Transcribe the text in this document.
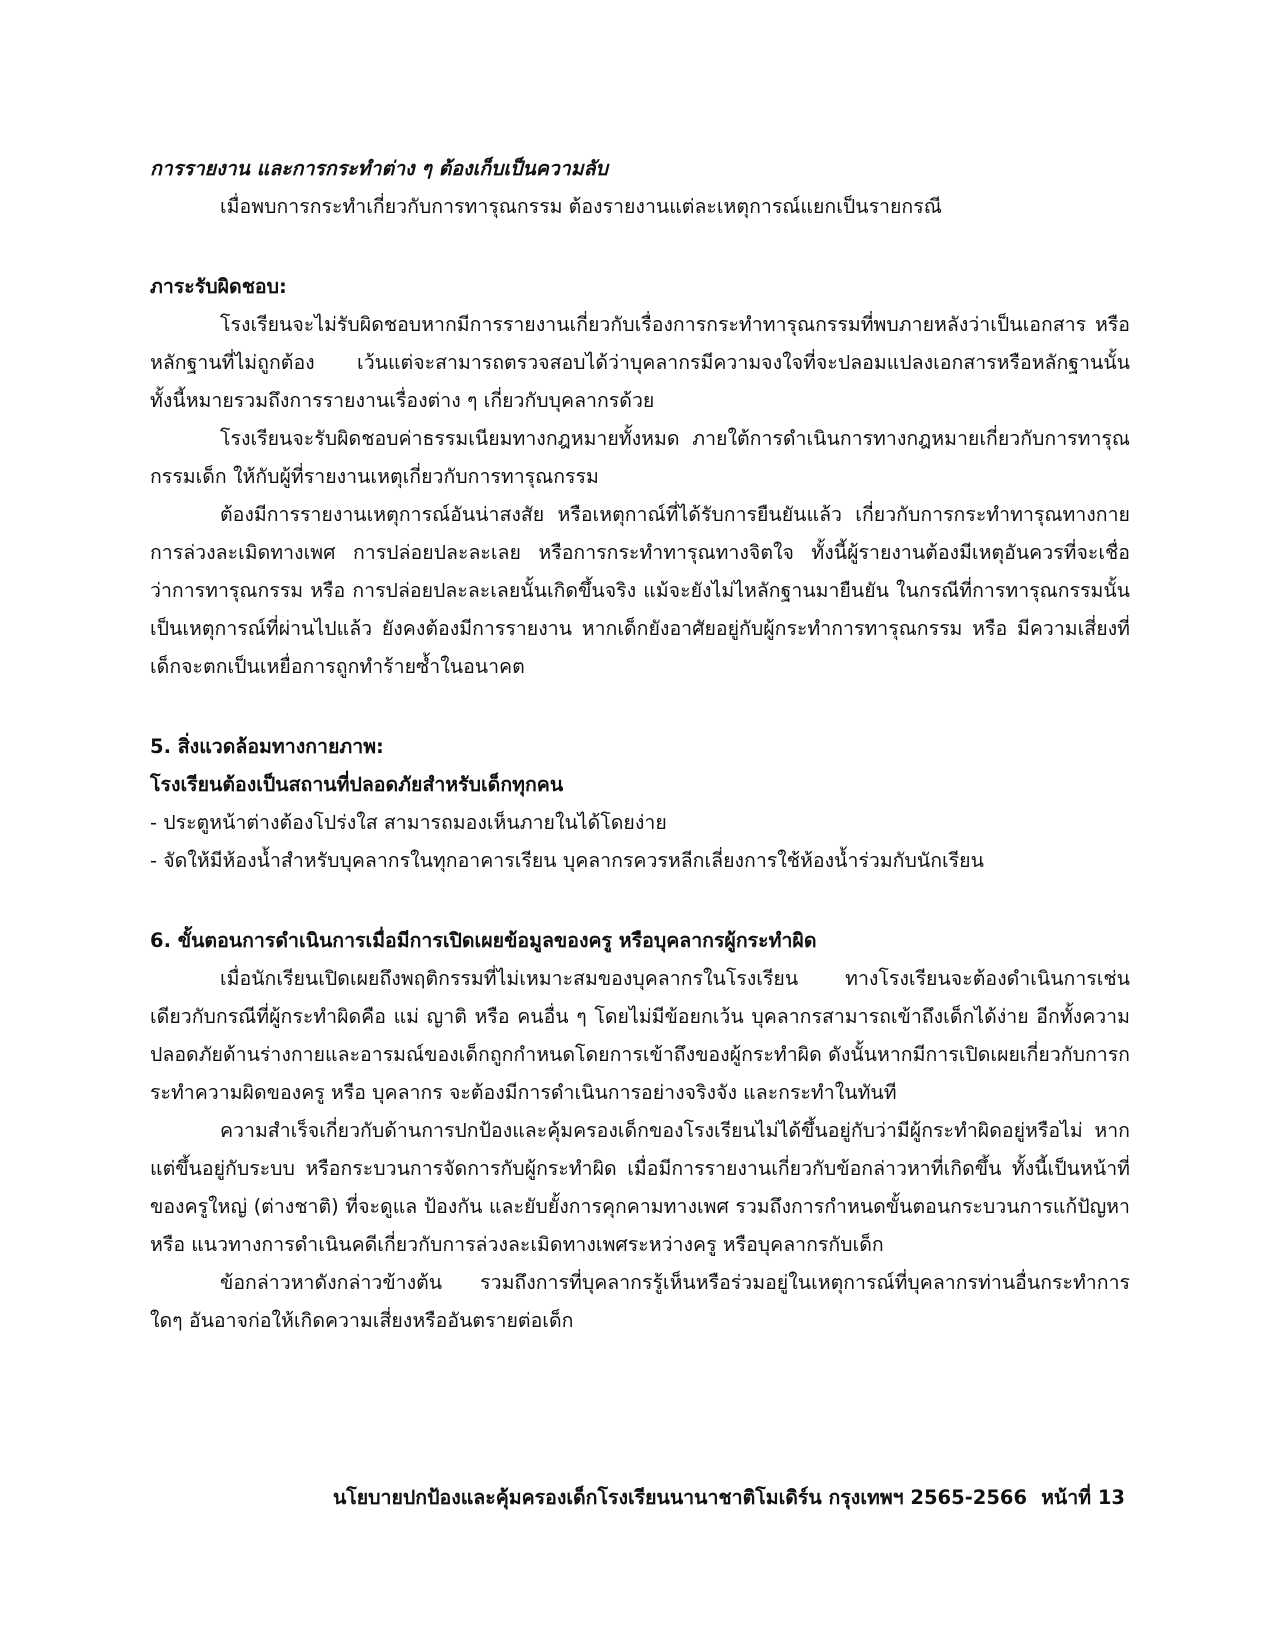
การรายงาน และการกระทำต่าง ๆ ต้องเก็บเป็นความลับ

เมื่อพบการกระทำเกี่ยวกับการทารุณกรรม ต้องรายงานแต่ละเหตุการณ์แยกเป็นรายกรณี

ภาระรับผิดชอบ:

โรงเรียนจะไม่รับผิดชอบหากมีการรายงานเกี่ยวกับเรื่องการกระทำทารุณกรรมที่พบภายหลังว่าเป็นเอกสาร หรือหลักฐานที่ไม่ถูกต้อง เว้นแต่จะสามารถตรวจสอบได้ว่าบุคลากรมีความจงใจที่จะปลอมแปลงเอกสารหรือหลักฐานนั้น ทั้งนี้หมายรวมถึงการรายงานเรื่องต่าง ๆ เกี่ยวกับบุคลากรด้วย

โรงเรียนจะรับผิดชอบค่าธรรมเนียมทางกฎหมายทั้งหมด ภายใต้การดำเนินการทางกฎหมายเกี่ยวกับการทารุณกรรมเด็ก ให้กับผู้ที่รายงานเหตุเกี่ยวกับการทารุณกรรม

ต้องมีการรายงานเหตุการณ์อันน่าสงสัย หรือเหตุกาณ์ที่ได้รับการยืนยันแล้ว เกี่ยวกับการกระทำทารุณทางกาย การล่วงละเมิดทางเพศ การปล่อยปละละเลย หรือการกระทำทารุณทางจิตใจ ทั้งนี้ผู้รายงานต้องมีเหตุอันควรที่จะเชื่อว่าการทารุณกรรม หรือ การปล่อยปละละเลยนั้นเกิดขึ้นจริง แม้จะยังไม่ไหลักฐานมายืนยัน ในกรณีที่การทารุณกรรมนั้นเป็นเหตุการณ์ที่ผ่านไปแล้ว ยังคงต้องมีการรายงาน หากเด็กยังอาศัยอยู่กับผู้กระทำการทารุณกรรม หรือ มีความเสี่ยงที่เด็กจะตกเป็นเหยื่อการถูกทำร้ายซ้ำในอนาคต

5. สิ่งแวดล้อมทางกายภาพ:

โรงเรียนต้องเป็นสถานที่ปลอดภัยสำหรับเด็กทุกคน

- ประตูหน้าต่างต้องโปร่งใส สามารถมองเห็นภายในได้โดยง่าย

- จัดให้มีห้องน้ำสำหรับบุคลากรในทุกอาคารเรียน บุคลากรควรหลีกเลี่ยงการใช้ห้องน้ำร่วมกับนักเรียน

6. ขั้นตอนการดำเนินการเมื่อมีการเปิดเผยข้อมูลของครู หรือบุคลากรผู้กระทำผิด

เมื่อนักเรียนเปิดเผยถึงพฤติกรรมที่ไม่เหมาะสมของบุคลากรในโรงเรียน ทางโรงเรียนจะต้องดำเนินการเช่นเดียวกับกรณีที่ผู้กระทำผิดคือ แม่ ญาติ หรือ คนอื่น ๆ โดยไม่มีข้อยกเว้น บุคลากรสามารถเข้าถึงเด็กได้ง่าย อีกทั้งความปลอดภัยด้านร่างกายและอารมณ์ของเด็กถูกกำหนดโดยการเข้าถึงของผู้กระทำผิด ดังนั้นหากมีการเปิดเผยเกี่ยวกับการกระทำความผิดของครู หรือ บุคลากร จะต้องมีการดำเนินการอย่างจริงจัง และกระทำในทันที

ความสำเร็จเกี่ยวกับด้านการปกป้องและคุ้มครองเด็กของโรงเรียนไม่ได้ขึ้นอยู่กับว่ามีผู้กระทำผิดอยู่หรือไม่ หากแต่ขึ้นอยู่กับระบบ หรือกระบวนการจัดการกับผู้กระทำผิด เมื่อมีการรายงานเกี่ยวกับข้อกล่าวหาที่เกิดขึ้น ทั้งนี้เป็นหน้าที่ของครูใหญ่ (ต่างชาติ) ที่จะดูแล ป้องกัน และยับยั้งการคุกคามทางเพศ รวมถึงการกำหนดขั้นตอนกระบวนการแก้ปัญหา หรือ แนวทางการดำเนินคดีเกี่ยวกับการล่วงละเมิดทางเพศระหว่างครู หรือบุคลากรกับเด็ก

ข้อกล่าวหาดังกล่าวข้างต้น รวมถึงการที่บุคลากรรู้เห็นหรือร่วมอยู่ในเหตุการณ์ที่บุคลากรท่านอื่นกระทำการใดๆ อันอาจก่อให้เกิดความเสี่ยงหรืออันตรายต่อเด็ก

นโยบายปกป้องและคุ้มครองเด็กโรงเรียนนานาชาติโมเดิร์น กรุงเทพฯ 2565-2566 หน้าที่ 13
